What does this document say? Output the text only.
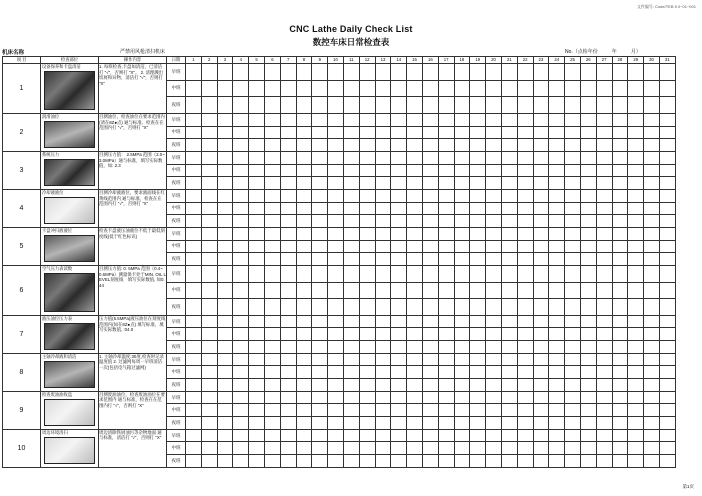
文件编号: Code/TEB 5 0~01~001
CNC Lathe Daily Check List
数控车床日常检查表
机床名称	严禁用风枪清扫机床	No.（点检年份	年	月）
项 目	检查部位	操作内容	日期	1	2	3	4	5	6	7	8	9	10	11	12	13	14	15	16	17	18	19	20	21	22	23	24	25	26	27	28	29	30	31
1	设备保养和卡盘清洁	1. 每班检查,卡盘如清洁，已清洁打 "√"，否则打 "X"。 2. 清理溅出切屑和异物，清洁打 "√"，否则打 "X"	早班																															
			中班																															
			夜班																															
2	润滑油位	目测油位，检查油位在要求范围内(请在8Z●点) 通与标准，检查在在范围内打 "√"，否则打 "X"	早班																															
			中班																															
			夜班																															
3	系统压力	目测压力值： 2.5MPa 范围（2.0~3.0MPa）通与标准，填写实际数值，如: 2.3	早班																															
			中班																															
			夜班																															
4	冷却液液位	目测冷却液液位，要求液面线在红黄线范围内 通与标准，检查在在范围内打 "√"，否则打 "X"	早班																															
			中班																															
			夜班																															
5	卡盘冲扫液液位	检查卡盘液压油液位不低于最低刻度线(低于红色标识)	早班																															
			中班																															
			夜班																															
6	空气压力表读数	目测压力值: 0. 5MPa 范围（0.4~0.6MPa）测量保卡处于MIN. OIL LEVEL刻度线　填写实际数值, 如0.44	早班																															
			中班																															
			夜班																															
7	液压油位压力表	压力值(5.5MPa)液压油位在刻度线范围内(如在8Z●点) 填写标准，填写实际数值, :04.0	早班																															
			中班																															
			夜班																															
8	主轴冷却液和清洁	1. 主轴冷却温度:30度,检查时记录温度值 2. 过滤网每周一早班清洁一次(包括电气箱过滤网)	早班																															
			中班																															
			夜班																															
9	检查废油油收盘	目测废油油位，检查废油油位在要求范围内 通与标准，检查在在范围内打 "√"，否则打 "X"	早班																															
			中班																															
			夜班																															
10	周边环境清扫	周边清除铁屑油污等杂物地面 通与标准，清洁打 "√"，否则打 "X"	早班																															
			中班																															
			夜班																															
第1页
